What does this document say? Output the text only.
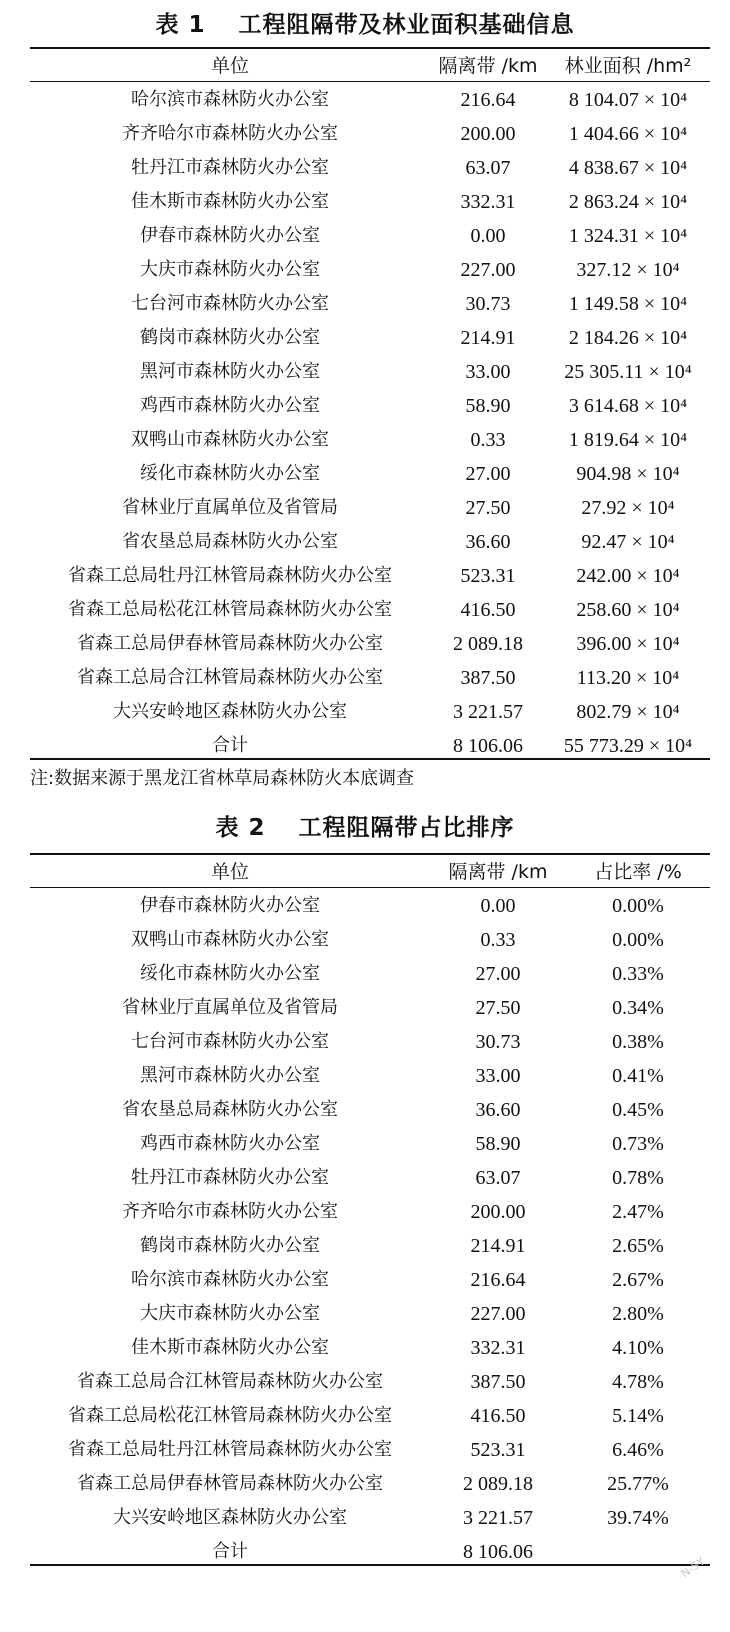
表 1　 工程阻隔带及林业面积基础信息
单位	隔离带 /km	林业面积 /hm²
哈尔滨市森林防火办公室	216.64	8 104.07 × 10⁴
齐齐哈尔市森林防火办公室	200.00	1 404.66 × 10⁴
牡丹江市森林防火办公室	63.07	4 838.67 × 10⁴
佳木斯市森林防火办公室	332.31	2 863.24 × 10⁴
伊春市森林防火办公室	0.00	1 324.31 × 10⁴
大庆市森林防火办公室	227.00	327.12 × 10⁴
七台河市森林防火办公室	30.73	1 149.58 × 10⁴
鹤岗市森林防火办公室	214.91	2 184.26 × 10⁴
黑河市森林防火办公室	33.00	25 305.11 × 10⁴
鸡西市森林防火办公室	58.90	3 614.68 × 10⁴
双鸭山市森林防火办公室	0.33	1 819.64 × 10⁴
绥化市森林防火办公室	27.00	904.98 × 10⁴
省林业厅直属单位及省管局	27.50	27.92 × 10⁴
省农垦总局森林防火办公室	36.60	92.47 × 10⁴
省森工总局牡丹江林管局森林防火办公室	523.31	242.00 × 10⁴
省森工总局松花江林管局森林防火办公室	416.50	258.60 × 10⁴
省森工总局伊春林管局森林防火办公室	2 089.18	396.00 × 10⁴
省森工总局合江林管局森林防火办公室	387.50	113.20 × 10⁴
大兴安岭地区森林防火办公室	3 221.57	802.79 × 10⁴
合计	8 106.06	55 773.29 × 10⁴
注:数据来源于黑龙江省林草局森林防火本底调查
表 2　 工程阻隔带占比排序
单位	隔离带 /km	占比率 /%
伊春市森林防火办公室	0.00	0.00%
双鸭山市森林防火办公室	0.33	0.00%
绥化市森林防火办公室	27.00	0.33%
省林业厅直属单位及省管局	27.50	0.34%
七台河市森林防火办公室	30.73	0.38%
黑河市森林防火办公室	33.00	0.41%
省农垦总局森林防火办公室	36.60	0.45%
鸡西市森林防火办公室	58.90	0.73%
牡丹江市森林防火办公室	63.07	0.78%
齐齐哈尔市森林防火办公室	200.00	2.47%
鹤岗市森林防火办公室	214.91	2.65%
哈尔滨市森林防火办公室	216.64	2.67%
大庆市森林防火办公室	227.00	2.80%
佳木斯市森林防火办公室	332.31	4.10%
省森工总局合江林管局森林防火办公室	387.50	4.78%
省森工总局松花江林管局森林防火办公室	416.50	5.14%
省森工总局牡丹江林管局森林防火办公室	523.31	6.46%
省森工总局伊春林管局森林防火办公室	2 089.18	25.77%
大兴安岭地区森林防火办公室	3 221.57	39.74%
合计	8 106.06	
N-SY
